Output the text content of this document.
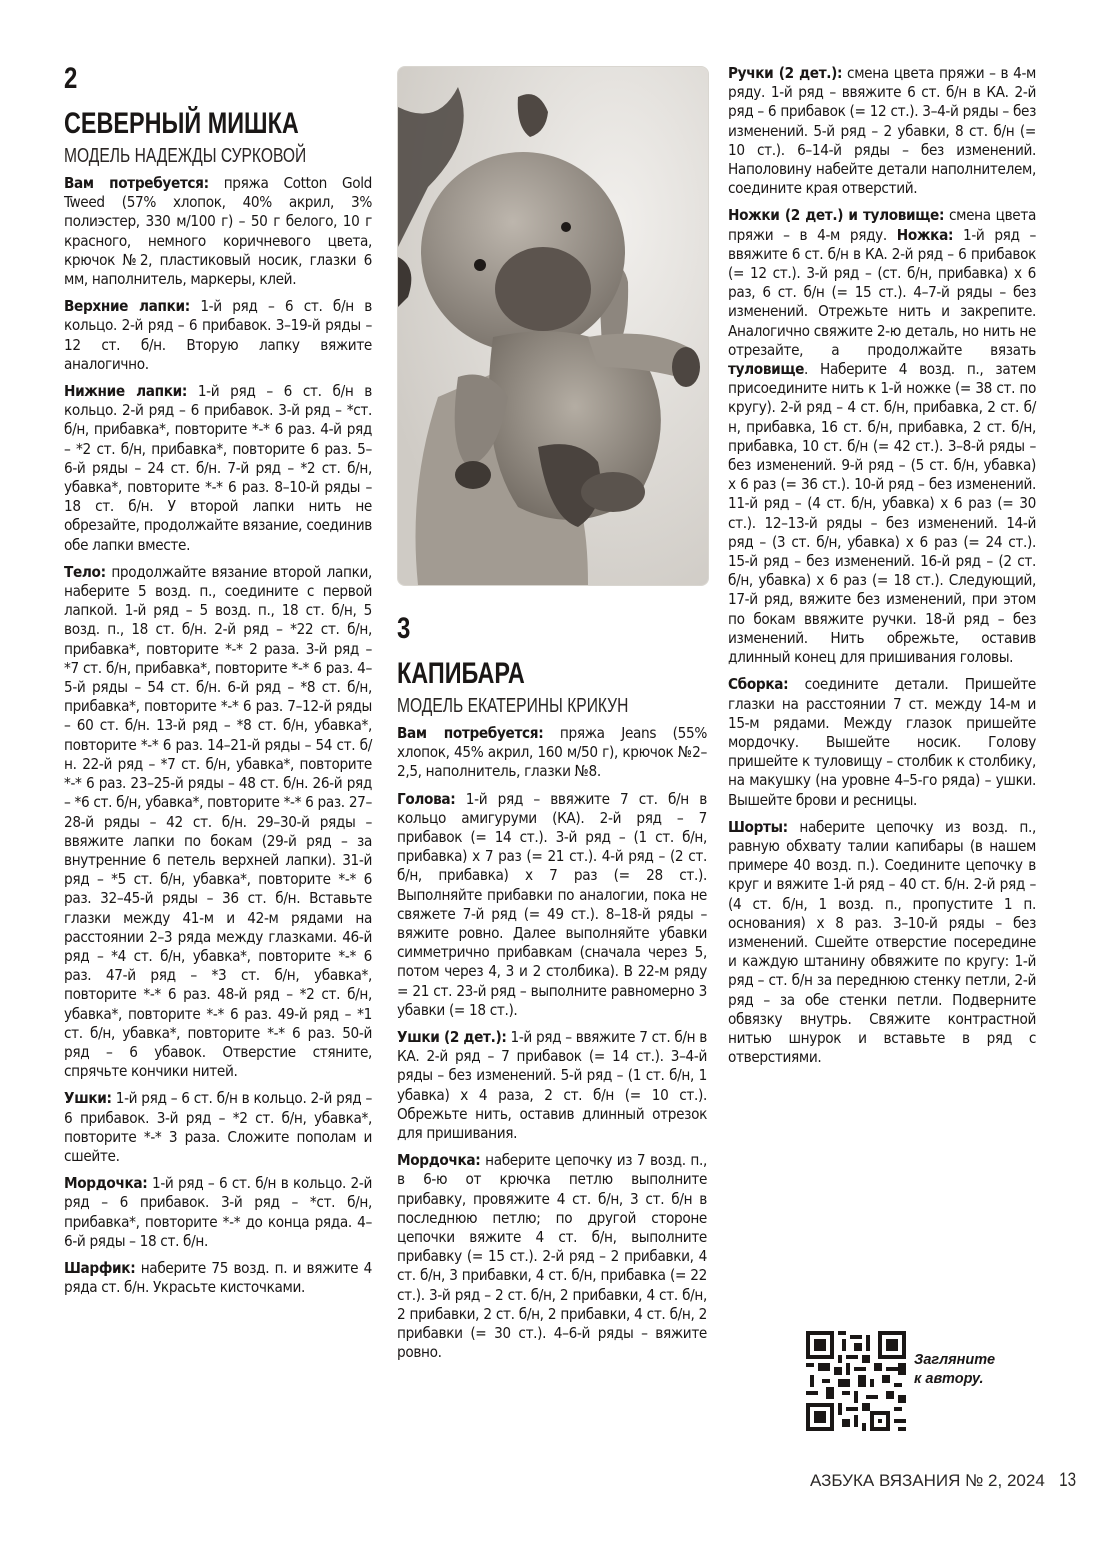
2
СЕВЕРНЫЙ МИШКА
МОДЕЛЬ НАДЕЖДЫ СУРКОВОЙ

Вам потребуется: пряжа Cotton Gold Tweed (57% хлопок, 40% акрил, 3% полиэстер, 330 м/100 г) – 50 г белого, 10 г красного, немного коричневого цвета, крючок №2, пластиковый носик, глазки 6 мм, наполнитель, маркеры, клей.

Верхние лапки: 1-й ряд – 6 ст. б/н в кольцо. 2-й ряд – 6 прибавок. 3–19-й ряды – 12 ст. б/н. Вторую лапку вяжите аналогично.

Нижние лапки: 1-й ряд – 6 ст. б/н в кольцо. 2-й ряд – 6 прибавок. 3-й ряд – *ст. б/н, прибавка*, повторите *-* 6 раз. 4-й ряд – *2 ст. б/н, прибавка*, повторите 6 раз. 5–6-й ряды – 24 ст. б/н. 7-й ряд – *2 ст. б/н, убавка*, повторите *-* 6 раз. 8–10-й ряды – 18 ст. б/н. У второй лапки нить не обрезайте, продолжайте вязание, соединив обе лапки вместе.

Тело: продолжайте вязание второй лапки, наберите 5 возд. п., соедините с первой лапкой. 1-й ряд – 5 возд. п., 18 ст. б/н, 5 возд. п., 18 ст. б/н. 2-й ряд – *22 ст. б/н, прибавка*, повторите *-* 2 раза. 3-й ряд – *7 ст. б/н, прибавка*, повторите *-* 6 раз. 4–5-й ряды – 54 ст. б/н. 6-й ряд – *8 ст. б/н, прибавка*, повторите *-* 6 раз. 7–12-й ряды – 60 ст. б/н. 13-й ряд – *8 ст. б/н, убавка*, повторите *-* 6 раз. 14–21-й ряды – 54 ст. б/н. 22-й ряд – *7 ст. б/н, убавка*, повторите *-* 6 раз. 23–25-й ряды – 48 ст. б/н. 26-й ряд – *6 ст. б/н, убавка*, повторите *-* 6 раз. 27–28-й ряды – 42 ст. б/н. 29–30-й ряды – ввяжите лапки по бокам (29-й ряд – за внутренние 6 петель верхней лапки). 31-й ряд – *5 ст. б/н, убавка*, повторите *-* 6 раз. 32–45-й ряды – 36 ст. б/н. Вставьте глазки между 41-м и 42-м рядами на расстоянии 2–3 ряда между глазками. 46-й ряд – *4 ст. б/н, убавка*, повторите *-* 6 раз. 47-й ряд – *3 ст. б/н, убавка*, повторите *-* 6 раз. 48-й ряд – *2 ст. б/н, убавка*, повторите *-* 6 раз. 49-й ряд – *1 ст. б/н, убавка*, повторите *-* 6 раз. 50-й ряд – 6 убавок. Отверстие стяните, спрячьте кончики нитей.

Ушки: 1-й ряд – 6 ст. б/н в кольцо. 2-й ряд – 6 прибавок. 3-й ряд – *2 ст. б/н, убавка*, повторите *-* 3 раза. Сложите пополам и сшейте.

Мордочка: 1-й ряд – 6 ст. б/н в кольцо. 2-й ряд – 6 прибавок. 3-й ряд – *ст. б/н, прибавка*, повторите *-* до конца ряда. 4–6-й ряды – 18 ст. б/н.

Шарфик: наберите 75 возд. п. и вяжите 4 ряда ст. б/н. Украсьте кисточками.

3
КАПИБАРА
МОДЕЛЬ ЕКАТЕРИНЫ КРИКУН

Вам потребуется: пряжа Jeans (55% хлопок, 45% акрил, 160 м/50 г), крючок №2–2,5, наполнитель, глазки №8.

Голова: 1-й ряд – ввяжите 7 ст. б/н в кольцо амигуруми (КА). 2-й ряд – 7 прибавок (= 14 ст.). 3-й ряд – (1 ст. б/н, прибавка) х 7 раз (= 21 ст.). 4-й ряд – (2 ст. б/н, прибавка) х 7 раз (= 28 ст.). Выполняйте прибавки по аналогии, пока не свяжете 7-й ряд (= 49 ст.). 8–18-й ряды – вяжите ровно. Далее выполняйте убавки симметрично прибавкам (сначала через 5, потом через 4, 3 и 2 столбика). В 22-м ряду = 21 ст. 23-й ряд – выполните равномерно 3 убавки (= 18 ст.).

Ушки (2 дет.): 1-й ряд – ввяжите 7 ст. б/н в КА. 2-й ряд – 7 прибавок (= 14 ст.). 3–4-й ряды – без изменений. 5-й ряд – (1 ст. б/н, 1 убавка) х 4 раза, 2 ст. б/н (= 10 ст.). Обрежьте нить, оставив длинный отрезок для пришивания.

Мордочка: наберите цепочку из 7 возд. п., в 6-ю от крючка петлю выполните прибавку, провяжите 4 ст. б/н, 3 ст. б/н в последнюю петлю; по другой стороне цепочки вяжите 4 ст. б/н, выполните прибавку (= 15 ст.). 2-й ряд – 2 прибавки, 4 ст. б/н, 3 прибавки, 4 ст. б/н, прибавка (= 22 ст.). 3-й ряд – 2 ст. б/н, 2 прибавки, 4 ст. б/н, 2 прибавки, 2 ст. б/н, 2 прибавки, 4 ст. б/н, 2 прибавки (= 30 ст.). 4–6-й ряды – вяжите ровно.

Ручки (2 дет.): смена цвета пряжи – в 4-м ряду. 1-й ряд – ввяжите 6 ст. б/н в КА. 2-й ряд – 6 прибавок (= 12 ст.). 3–4-й ряды – без изменений. 5-й ряд – 2 убавки, 8 ст. б/н (= 10 ст.). 6–14-й ряды – без изменений. Наполовину набейте детали наполнителем, соедините края отверстий.

Ножки (2 дет.) и туловище: смена цвета пряжи – в 4-м ряду. Ножка: 1-й ряд – ввяжите 6 ст. б/н в КА. 2-й ряд – 6 прибавок (= 12 ст.). 3-й ряд – (ст. б/н, прибавка) х 6 раз, 6 ст. б/н (= 15 ст.). 4–7-й ряды – без изменений. Отрежьте нить и закрепите. Аналогично свяжите 2-ю деталь, но нить не отрезайте, а продолжайте вязать туловище. Наберите 4 возд. п., затем присоедините нить к 1-й ножке (= 38 ст. по кругу). 2-й ряд – 4 ст. б/н, прибавка, 2 ст. б/н, прибавка, 16 ст. б/н, прибавка, 2 ст. б/н, прибавка, 10 ст. б/н (= 42 ст.). 3–8-й ряды – без изменений. 9-й ряд – (5 ст. б/н, убавка) х 6 раз (= 36 ст.). 10-й ряд – без изменений. 11-й ряд – (4 ст. б/н, убавка) х 6 раз (= 30 ст.). 12–13-й ряды – без изменений. 14-й ряд – (3 ст. б/н, убавка) х 6 раз (= 24 ст.). 15-й ряд – без изменений. 16-й ряд – (2 ст. б/н, убавка) х 6 раз (= 18 ст.). Следующий, 17-й ряд, вяжите без изменений, при этом по бокам ввяжите ручки. 18-й ряд – без изменений. Нить обрежьте, оставив длинный конец для пришивания головы.

Сборка: соедините детали. Пришейте глазки на расстоянии 7 ст. между 14-м и 15-м рядами. Между глазок пришейте мордочку. Вышейте носик. Голову пришейте к туловищу – столбик к столбику, на макушку (на уровне 4–5-го ряда) – ушки. Вышейте брови и ресницы.

Шорты: наберите цепочку из возд. п., равную обхвату талии капибары (в нашем примере 40 возд. п.). Соедините цепочку в круг и вяжите 1-й ряд – 40 ст. б/н. 2-й ряд – (4 ст. б/н, 1 возд. п., пропустите 1 п. основания) х 8 раз. 3–10-й ряды – без изменений. Сшейте отверстие посередине и каждую штанину обвяжите по кругу: 1-й ряд – ст. б/н за переднюю стенку петли, 2-й ряд – за обе стенки петли. Подверните обвязку внутрь. Свяжите контрастной нитью шнурок и вставьте в ряд с отверстиями.

Загляните
к автору.
АЗБУКА ВЯЗАНИЯ № 2, 2024 13
